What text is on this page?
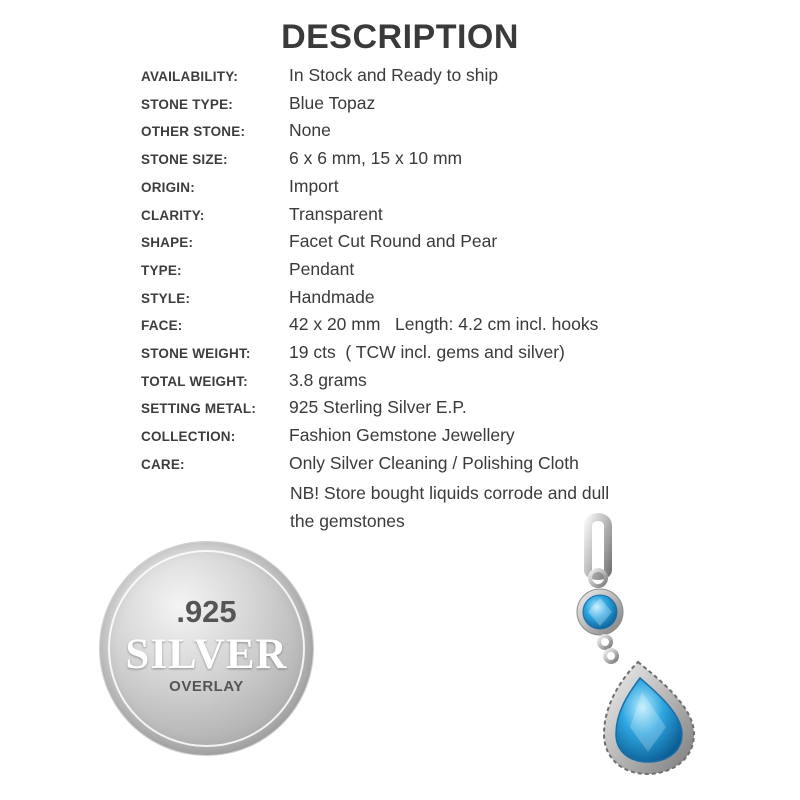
DESCRIPTION
AVAILABILITY:	In Stock and Ready to ship
STONE TYPE:	Blue Topaz
OTHER STONE:	None
STONE SIZE:	6 x 6 mm, 15 x 10 mm
ORIGIN:	Import
CLARITY:	Transparent
SHAPE:	Facet Cut Round and Pear
TYPE:	Pendant
STYLE:	Handmade
FACE:	42 x 20 mm   Length: 4.2 cm incl. hooks
STONE WEIGHT:	19 cts  ( TCW incl. gems and silver)
TOTAL WEIGHT:	3.8 grams
SETTING METAL:	925 Sterling Silver E.P.
COLLECTION:	Fashion Gemstone Jewellery
CARE:	Only Silver Cleaning / Polishing Cloth
NB! Store bought liquids corrode and dull
the gemstones
.925
SILVER
OVERLAY
